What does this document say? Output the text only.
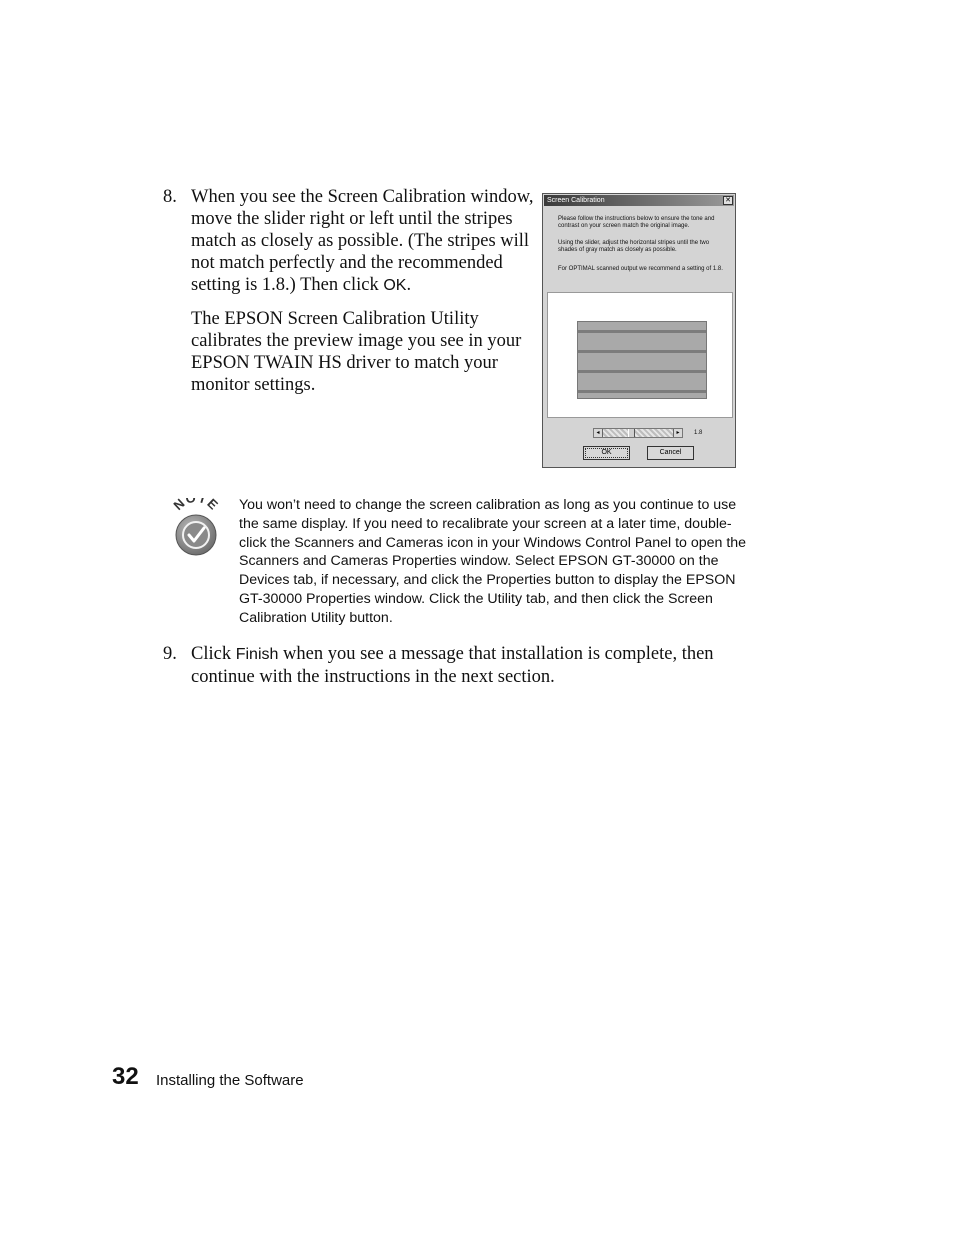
8. When you see the Screen Calibration window, move the slider right or left until the stripes match as closely as possible. (The stripes will not match perfectly and the recommended setting is 1.8.) Then click OK.

The EPSON Screen Calibration Utility calibrates the preview image you see in your EPSON TWAIN HS driver to match your monitor settings.

Screen Calibration	✕
Please follow the instructions below to ensure the tone and contrast on your screen match the original image.
Using the slider, adjust the horizontal stripes until the two shades of gray match as closely as possible.
For OPTIMAL scanned output we recommend a setting of 1.8.
◂	▸	1.8
OK	Cancel
N TE You won’t need to change the screen calibration as long as you continue to use the same display. If you need to recalibrate your screen at a later time, double-click the Scanners and Cameras icon in your Windows Control Panel to open the Scanners and Cameras Properties window. Select EPSON GT-30000 on the Devices tab, if necessary, and click the Properties button to display the EPSON GT-30000 Properties window. Click the Utility tab, and then click the Screen Calibration Utility button.
9. Click Finish when you see a message that installation is complete, then continue with the instructions in the next section.
32 Installing the Software
